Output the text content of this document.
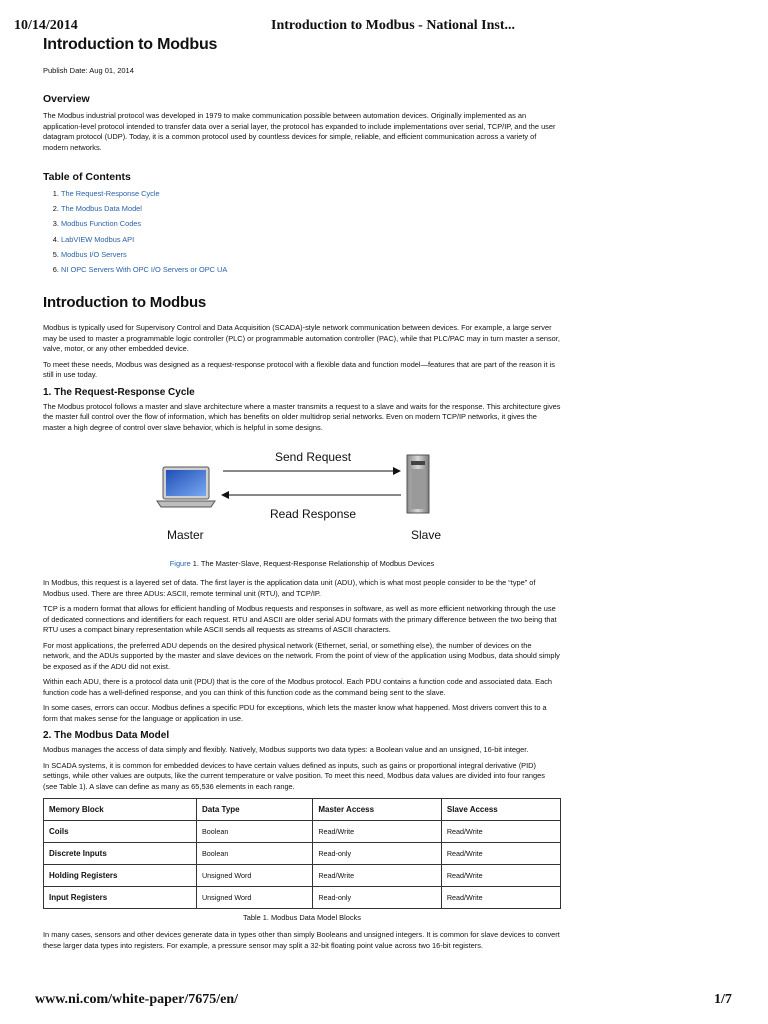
10/14/2014	Introduction to Modbus - National Inst...
Introduction to Modbus
Publish Date: Aug 01, 2014
Overview

The Modbus industrial protocol was developed in 1979 to make communication possible between automation devices. Originally implemented as an application-level protocol intended to transfer data over a serial layer, the protocol has expanded to include implementations over serial, TCP/IP, and the user datagram protocol (UDP). Today, it is a common protocol used by countless devices for simple, reliable, and efficient communication across a variety of modern networks.

Table of Contents
1. The Request-Response Cycle
2. The Modbus Data Model
3. Modbus Function Codes
4. LabVIEW Modbus API
5. Modbus I/O Servers
6. NI OPC Servers With OPC I/O Servers or OPC UA
Introduction to Modbus

Modbus is typically used for Supervisory Control and Data Acquisition (SCADA)-style network communication between devices. For example, a large server may be used to master a programmable logic controller (PLC) or programmable automation controller (PAC), while that PLC/PAC may in turn master a sensor, valve, motor, or any other embedded device.

To meet these needs, Modbus was designed as a request-response protocol with a flexible data and function model—features that are part of the reason it is still in use today.

1. The Request-Response Cycle

The Modbus protocol follows a master and slave architecture where a master transmits a request to a slave and waits for the response. This architecture gives the master full control over the flow of information, which has benefits on older multidrop serial networks. Even on modern TCP/IP networks, it gives the master a high degree of control over slave behavior, which is helpful in some designs.

Send Request
Read Response
Master	Slave
Figure 1. The Master-Slave, Request-Response Relationship of Modbus Devices

In Modbus, this request is a layered set of data. The first layer is the application data unit (ADU), which is what most people consider to be the “type” of Modbus used. There are three ADUs: ASCII, remote terminal unit (RTU), and TCP/IP.

TCP is a modern format that allows for efficient handling of Modbus requests and responses in software, as well as more efficient networking through the use of dedicated connections and identifiers for each request. RTU and ASCII are older serial ADU formats with the primary difference between the two being that RTU uses a compact binary representation while ASCII sends all requests as streams of ASCII characters.

For most applications, the preferred ADU depends on the desired physical network (Ethernet, serial, or something else), the number of devices on the network, and the ADUs supported by the master and slave devices on the network. From the point of view of the application using Modbus, data should simply be exposed as if the ADU did not exist.

Within each ADU, there is a protocol data unit (PDU) that is the core of the Modbus protocol. Each PDU contains a function code and associated data. Each function code has a well-defined response, and you can think of this function code as the command being sent to the slave.

In some cases, errors can occur. Modbus defines a specific PDU for exceptions, which lets the master know what happened. Most drivers convert this to a form that makes sense for the language or application in use.

2. The Modbus Data Model

Modbus manages the access of data simply and flexibly. Natively, Modbus supports two data types: a Boolean value and an unsigned, 16-bit integer.

In SCADA systems, it is common for embedded devices to have certain values defined as inputs, such as gains or proportional integral derivative (PID) settings, while other values are outputs, like the current temperature or valve position. To meet this need, Modbus data values are divided into four ranges (see Table 1). A slave can define as many as 65,536 elements in each range.

Memory Block	Data Type	Master Access	Slave Access
Coils	Boolean	Read/Write	Read/Write
Discrete Inputs	Boolean	Read-only	Read/Write
Holding Registers	Unsigned Word	Read/Write	Read/Write
Input Registers	Unsigned Word	Read-only	Read/Write
Table 1. Modbus Data Model Blocks

In many cases, sensors and other devices generate data in types other than simply Booleans and unsigned integers. It is common for slave devices to convert these larger data types into registers. For example, a pressure sensor may split a 32-bit floating point value across two 16-bit registers.

www.ni.com/white-paper/7675/en/	1/7
